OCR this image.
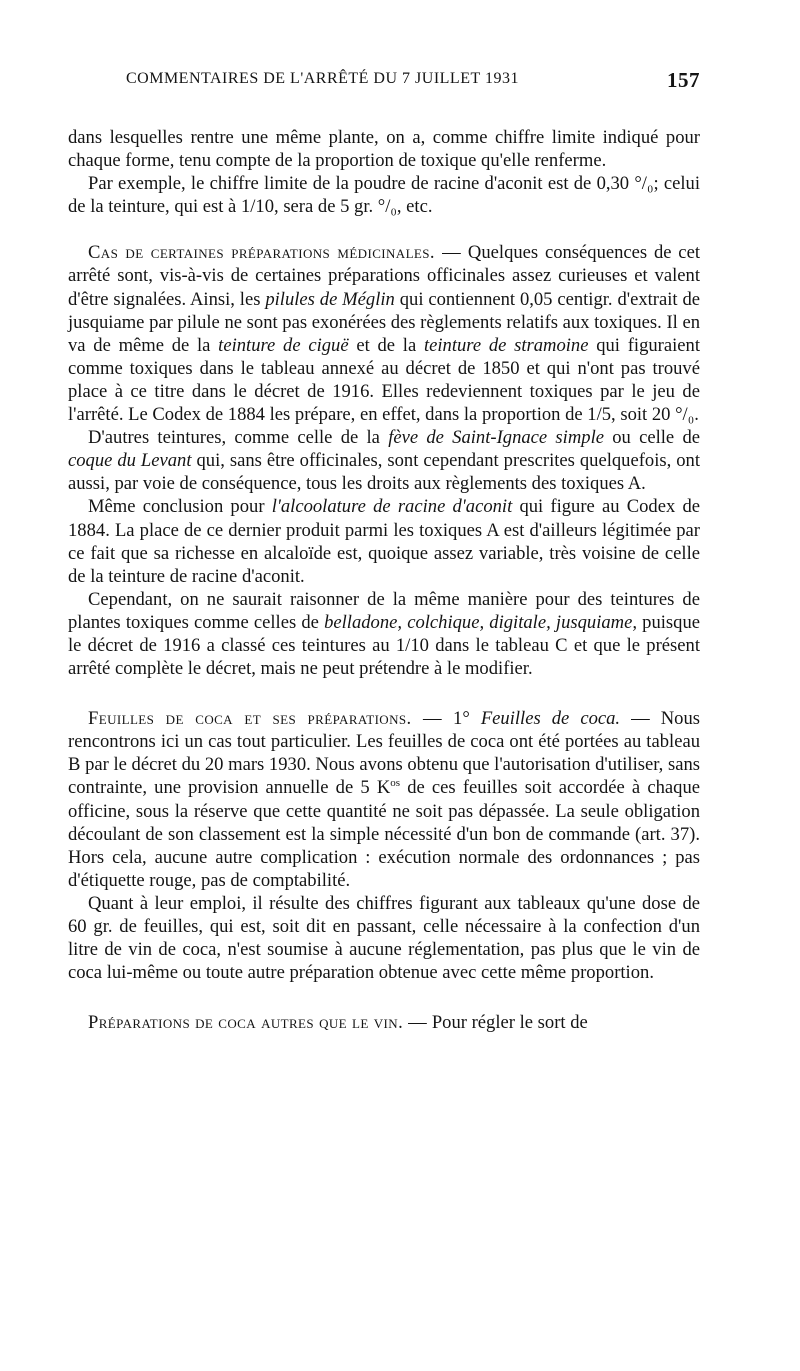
COMMENTAIRES DE L'ARRÊTÉ DU 7 JUILLET 1931	157

dans lesquelles rentre une même plante, on a, comme chiffre limite indiqué pour chaque forme, tenu compte de la proportion de toxique qu'elle renferme.

Par exemple, le chiffre limite de la poudre de racine d'aconit est de 0,30 °/₀; celui de la teinture, qui est à 1/10, sera de 5 gr. °/₀, etc.

Cas de certaines préparations médicinales. — Quelques conséquences de cet arrêté sont, vis-à-vis de certaines préparations officinales assez curieuses et valent d'être signalées. Ainsi, les pilules de Méglin qui contiennent 0,05 centigr. d'extrait de jusquiame par pilule ne sont pas exonérées des règlements relatifs aux toxiques. Il en va de même de la teinture de ciguë et de la teinture de stramoine qui figuraient comme toxiques dans le tableau annexé au décret de 1850 et qui n'ont pas trouvé place à ce titre dans le décret de 1916. Elles redeviennent toxiques par le jeu de l'arrêté. Le Codex de 1884 les prépare, en effet, dans la proportion de 1/5, soit 20 °/₀.

D'autres teintures, comme celle de la fève de Saint-Ignace simple ou celle de coque du Levant qui, sans être officinales, sont cependant prescrites quelquefois, ont aussi, par voie de conséquence, tous les droits aux règlements des toxiques A.

Même conclusion pour l'alcoolature de racine d'aconit qui figure au Codex de 1884. La place de ce dernier produit parmi les toxiques A est d'ailleurs légitimée par ce fait que sa richesse en alcaloïde est, quoique assez variable, très voisine de celle de la teinture de racine d'aconit.

Cependant, on ne saurait raisonner de la même manière pour des teintures de plantes toxiques comme celles de belladone, colchique, digitale, jusquiame, puisque le décret de 1916 a classé ces teintures au 1/10 dans le tableau C et que le présent arrêté complète le décret, mais ne peut prétendre à le modifier.

Feuilles de coca et ses préparations. — 1° Feuilles de coca. — Nous rencontrons ici un cas tout particulier. Les feuilles de coca ont été portées au tableau B par le décret du 20 mars 1930. Nous avons obtenu que l'autorisation d'utiliser, sans contrainte, une provision annuelle de 5 $K^{os}$ de ces feuilles soit accordée à chaque officine, sous la réserve que cette quantité ne soit pas dépassée. La seule obligation découlant de son classement est la simple nécessité d'un bon de commande (art. 37). Hors cela, aucune autre complication : exécution normale des ordonnances ; pas d'étiquette rouge, pas de comptabilité.

Quant à leur emploi, il résulte des chiffres figurant aux tableaux qu'une dose de 60 gr. de feuilles, qui est, soit dit en passant, celle nécessaire à la confection d'un litre de vin de coca, n'est soumise à aucune réglementation, pas plus que le vin de coca lui-même ou toute autre préparation obtenue avec cette même proportion.

Préparations de coca autres que le vin. — Pour régler le sort de
